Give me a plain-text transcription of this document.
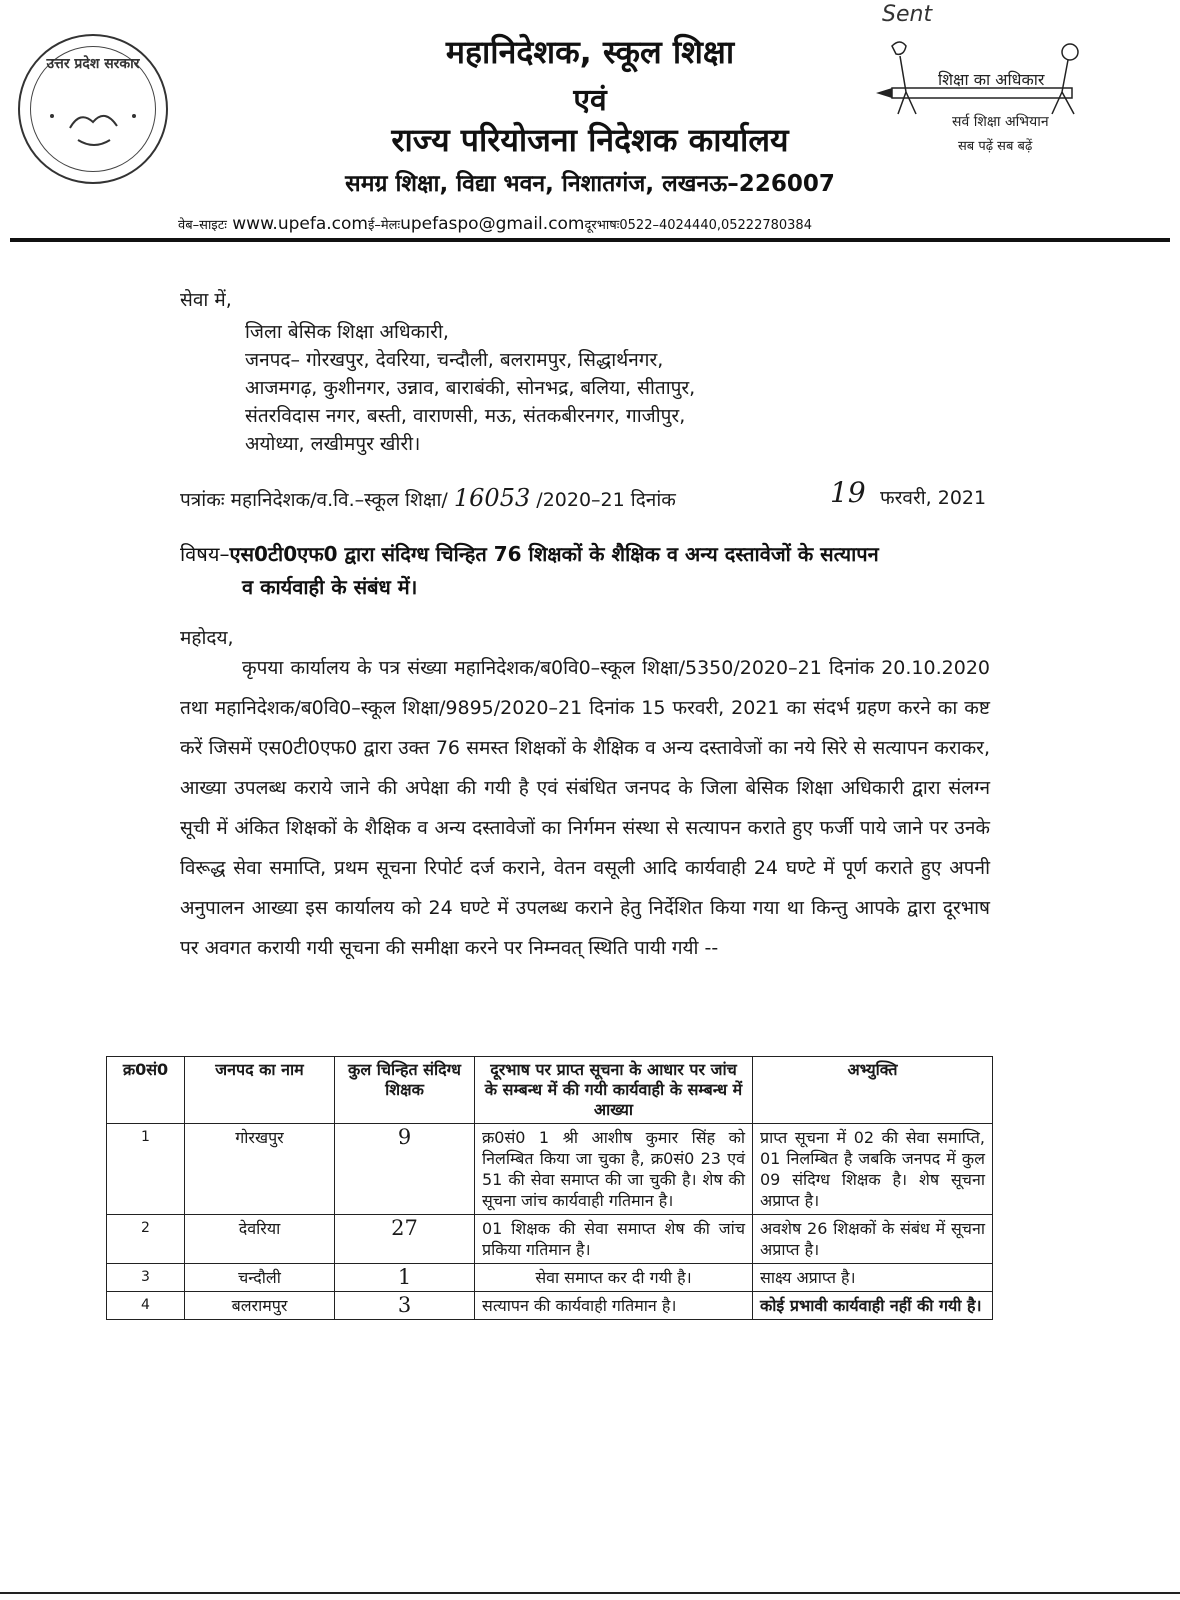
उत्तर प्रदेश सरकार	महानिदेशक, स्कूल शिक्षा
एवं
राज्य परियोजना निदेशक कार्यालय
समग्र शिक्षा, विद्या भवन, निशातगंज, लखनऊ–226007
Sent
शिक्षा का अधिकार
सर्व शिक्षा अभियान
सब पढ़ें सब बढ़ें
वेब–साइटः www.upefa.comई–मेलःupefaspo@gmail.comदूरभाषः0522–4024440,05222780384
सेवा में,
जिला बेसिक शिक्षा अधिकारी,
जनपद– गोरखपुर, देवरिया, चन्दौली, बलरामपुर, सिद्धार्थनगर,
आजमगढ़, कुशीनगर, उन्नाव, बाराबंकी, सोनभद्र, बलिया, सीतापुर,
संतरविदास नगर, बस्ती, वाराणसी, मऊ, संतकबीरनगर, गाजीपुर,
अयोध्या, लखीमपुर खीरी।
पत्रांकः महानिदेशक/व.वि.–स्कूल शिक्षा/ 16053 /2020–21 दिनांक	19 फरवरी, 2021
विषय–एस0टी0एफ0 द्वारा संदिग्ध चिन्हित 76 शिक्षकों के शैक्षिक व अन्य दस्तावेजों के सत्यापन
व कार्यवाही के संबंध में।
महोदय,
कृपया कार्यालय के पत्र संख्या महानिदेशक/ब0वि0–स्कूल शिक्षा/5350/2020–21 दिनांक 20.10.2020 तथा महानिदेशक/ब0वि0–स्कूल शिक्षा/9895/2020–21 दिनांक 15 फरवरी, 2021 का संदर्भ ग्रहण करने का कष्ट करें जिसमें एस0टी0एफ0 द्वारा उक्त 76 समस्त शिक्षकों के शैक्षिक व अन्य दस्तावेजों का नये सिरे से सत्यापन कराकर, आख्या उपलब्ध कराये जाने की अपेक्षा की गयी है एवं संबंधित जनपद के जिला बेसिक शिक्षा अधिकारी द्वारा संलग्न सूची में अंकित शिक्षकों के शैक्षिक व अन्य दस्तावेजों का निर्गमन संस्था से सत्यापन कराते हुए फर्जी पाये जाने पर उनके विरूद्ध सेवा समाप्ति, प्रथम सूचना रिपोर्ट दर्ज कराने, वेतन वसूली आदि कार्यवाही 24 घण्टे में पूर्ण कराते हुए अपनी अनुपालन आख्या इस कार्यालय को 24 घण्टे में उपलब्ध कराने हेतु निर्देशित किया गया था किन्तु आपके द्वारा दूरभाष पर अवगत करायी गयी सूचना की समीक्षा करने पर निम्नवत् स्थिति पायी गयी --
क्र0सं0	जनपद का नाम	कुल चिन्हित संदिग्ध शिक्षक	दूरभाष पर प्राप्त सूचना के आधार पर जांच के सम्बन्ध में की गयी कार्यवाही के सम्बन्ध में आख्या	अभ्युक्ति
1	गोरखपुर	9	क्र0सं0 1 श्री आशीष कुमार सिंह को निलम्बित किया जा चुका है, क्र0सं0 23 एवं 51 की सेवा समाप्त की जा चुकी है। शेष की सूचना जांच कार्यवाही गतिमान है।	प्राप्त सूचना में 02 की सेवा समाप्ति, 01 निलम्बित है जबकि जनपद में कुल 09 संदिग्ध शिक्षक है। शेष सूचना अप्राप्त है।
2	देवरिया	27	01 शिक्षक की सेवा समाप्त शेष की जांच प्रकिया गतिमान है।	अवशेष 26 शिक्षकों के संबंध में सूचना अप्राप्त है।
3	चन्दौली	1	सेवा समाप्त कर दी गयी है।	साक्ष्य अप्राप्त है।
4	बलरामपुर	3	सत्यापन की कार्यवाही गतिमान है।	कोई प्रभावी कार्यवाही नहीं की गयी है।
